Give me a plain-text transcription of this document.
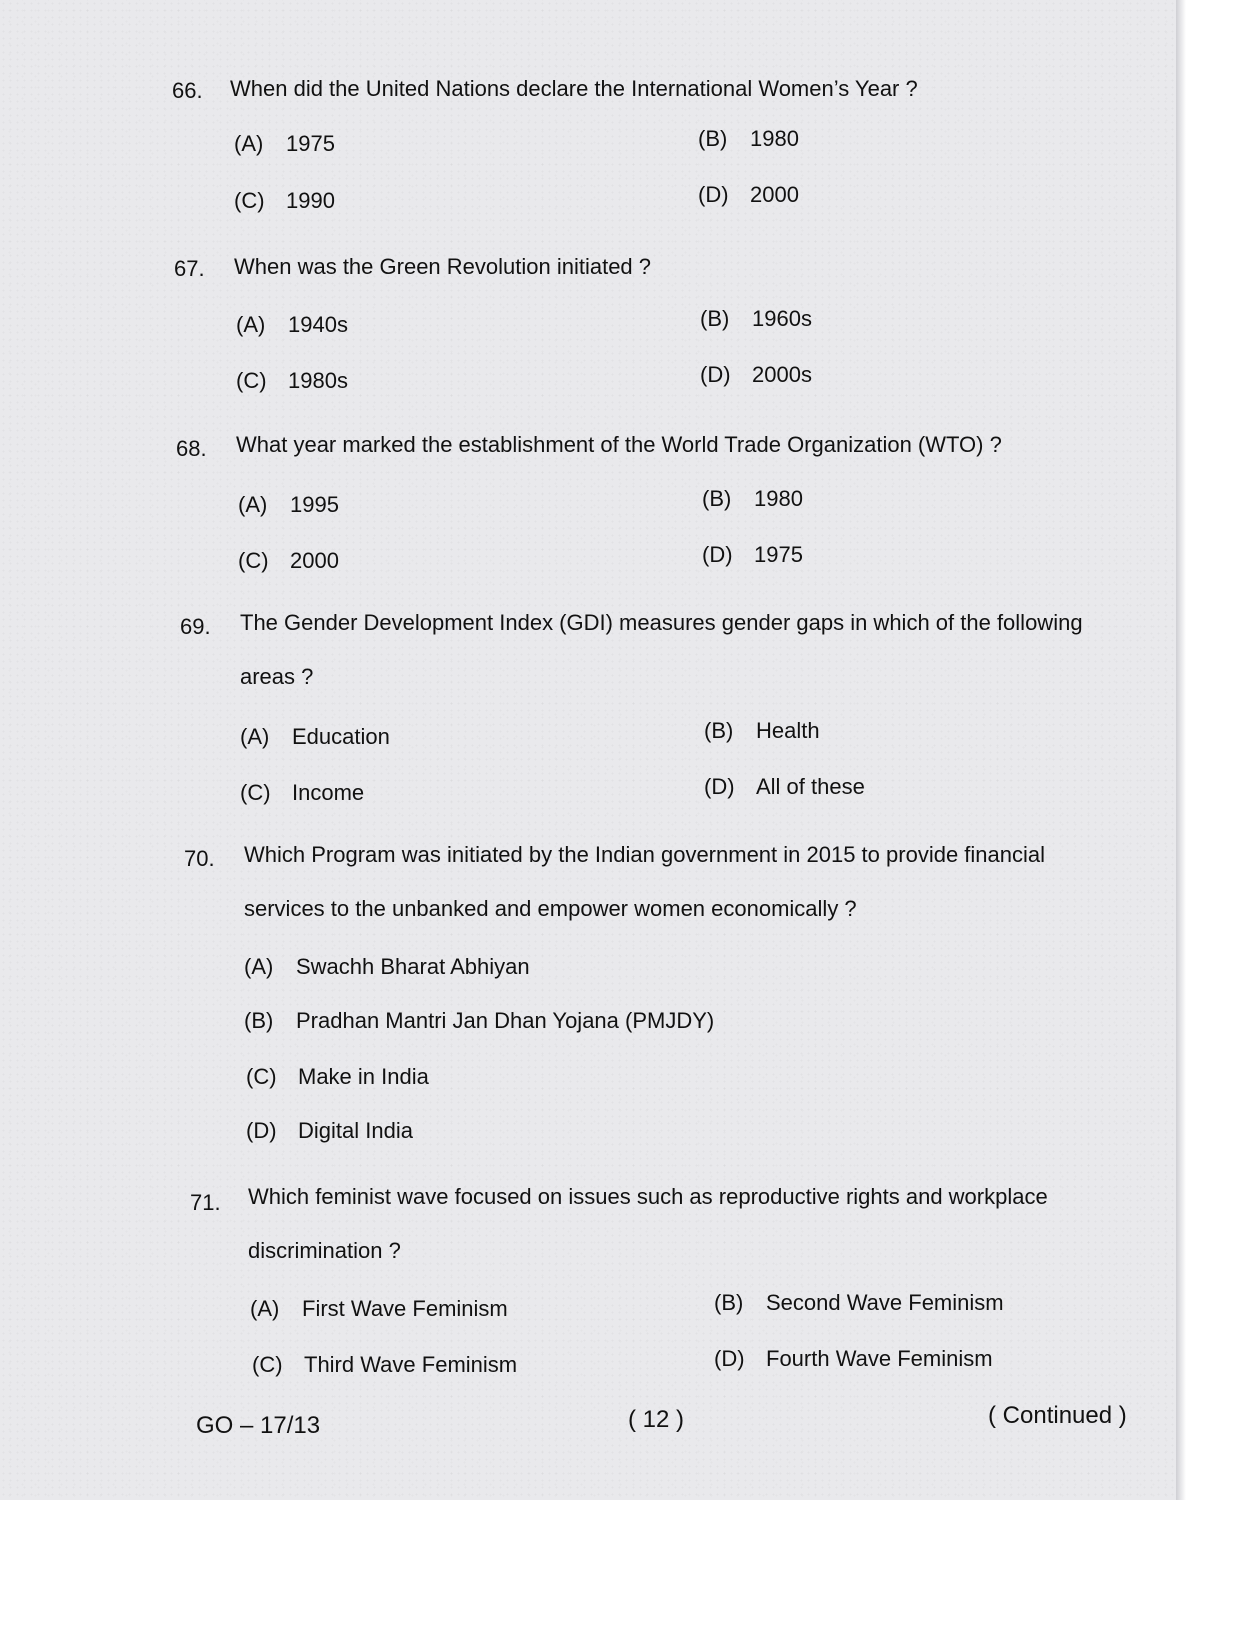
66. When did the United Nations declare the International Women’s Year ?
(A) 1975	(B) 1980
(C) 1990	(D) 2000
67. When was the Green Revolution initiated ?
(A) 1940s	(B) 1960s
(C) 1980s	(D) 2000s
68. What year marked the establishment of the World Trade Organization (WTO) ?
(A) 1995	(B) 1980
(C) 2000	(D) 1975
69. The Gender Development Index (GDI) measures gender gaps in which of the following areas ?
(A) Education	(B) Health
(C) Income	(D) All of these
70. Which Program was initiated by the Indian government in 2015 to provide financial services to the unbanked and empower women economically ?
(A) Swachh Bharat Abhiyan
(B) Pradhan Mantri Jan Dhan Yojana (PMJDY)
(C) Make in India
(D) Digital India
71. Which feminist wave focused on issues such as reproductive rights and workplace discrimination ?
(A) First Wave Feminism	(B) Second Wave Feminism
(C) Third Wave Feminism	(D) Fourth Wave Feminism
GO – 17/13	( 12 )	( Continued )
